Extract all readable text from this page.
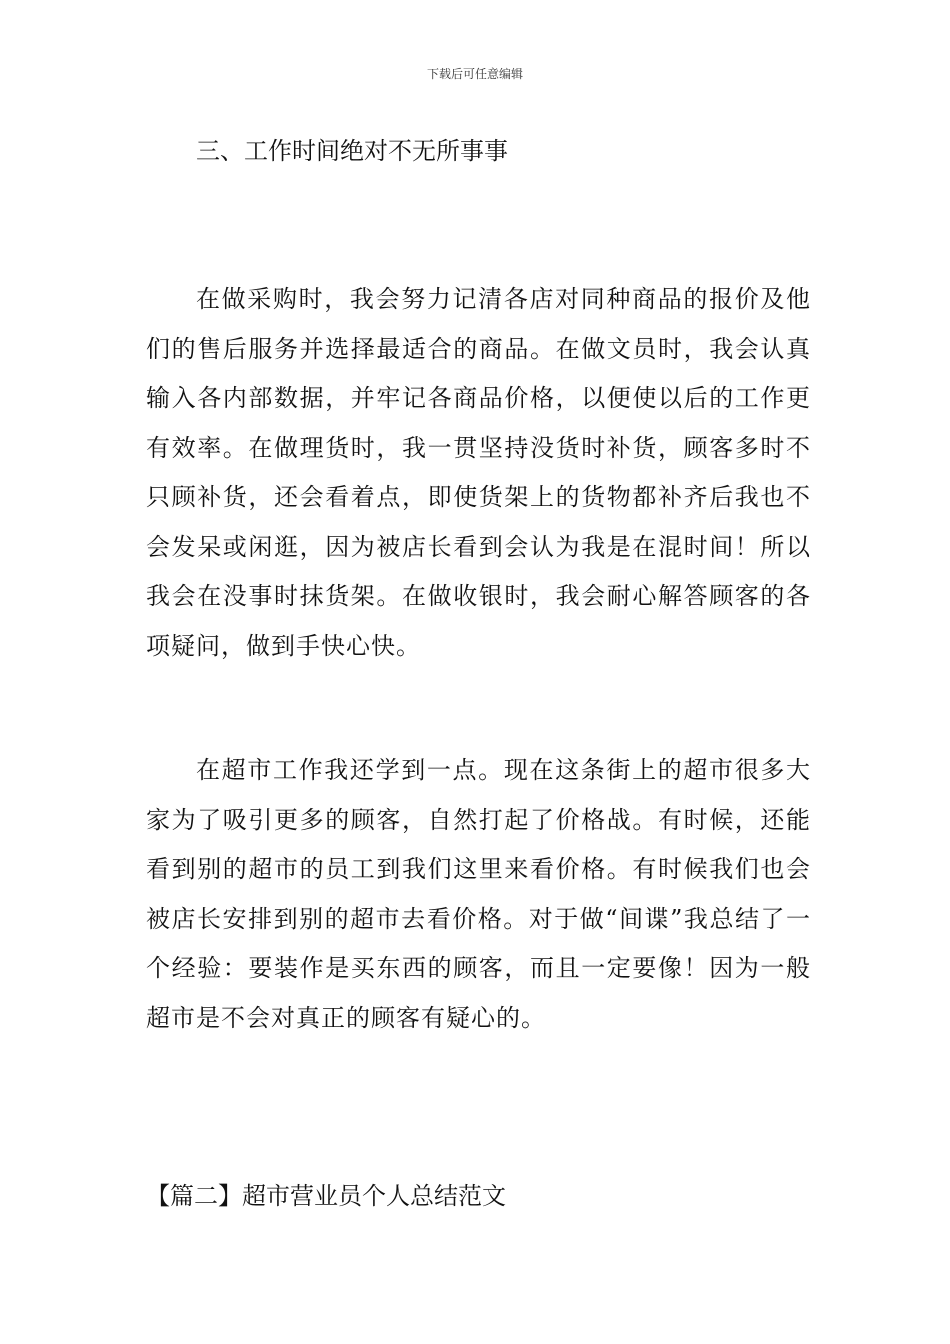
下载后可任意编辑
三、工作时间绝对不无所事事

在做采购时，我会努力记清各店对同种商品的报价及他们的售后服务并选择最适合的商品。在做文员时，我会认真输入各内部数据，并牢记各商品价格，以便使以后的工作更有效率。在做理货时，我一贯坚持没货时补货，顾客多时不只顾补货，还会看着点，即使货架上的货物都补齐后我也不会发呆或闲逛，因为被店长看到会认为我是在混时间！所以我会在没事时抹货架。在做收银时，我会耐心解答顾客的各项疑问，做到手快心快。

在超市工作我还学到一点。现在这条街上的超市很多大家为了吸引更多的顾客，自然打起了价格战。有时候，还能看到别的超市的员工到我们这里来看价格。有时候我们也会被店长安排到别的超市去看价格。对于做“间谍”我总结了一个经验：要装作是买东西的顾客，而且一定要像！因为一般超市是不会对真正的顾客有疑心的。

【篇二】超市营业员个人总结范文
